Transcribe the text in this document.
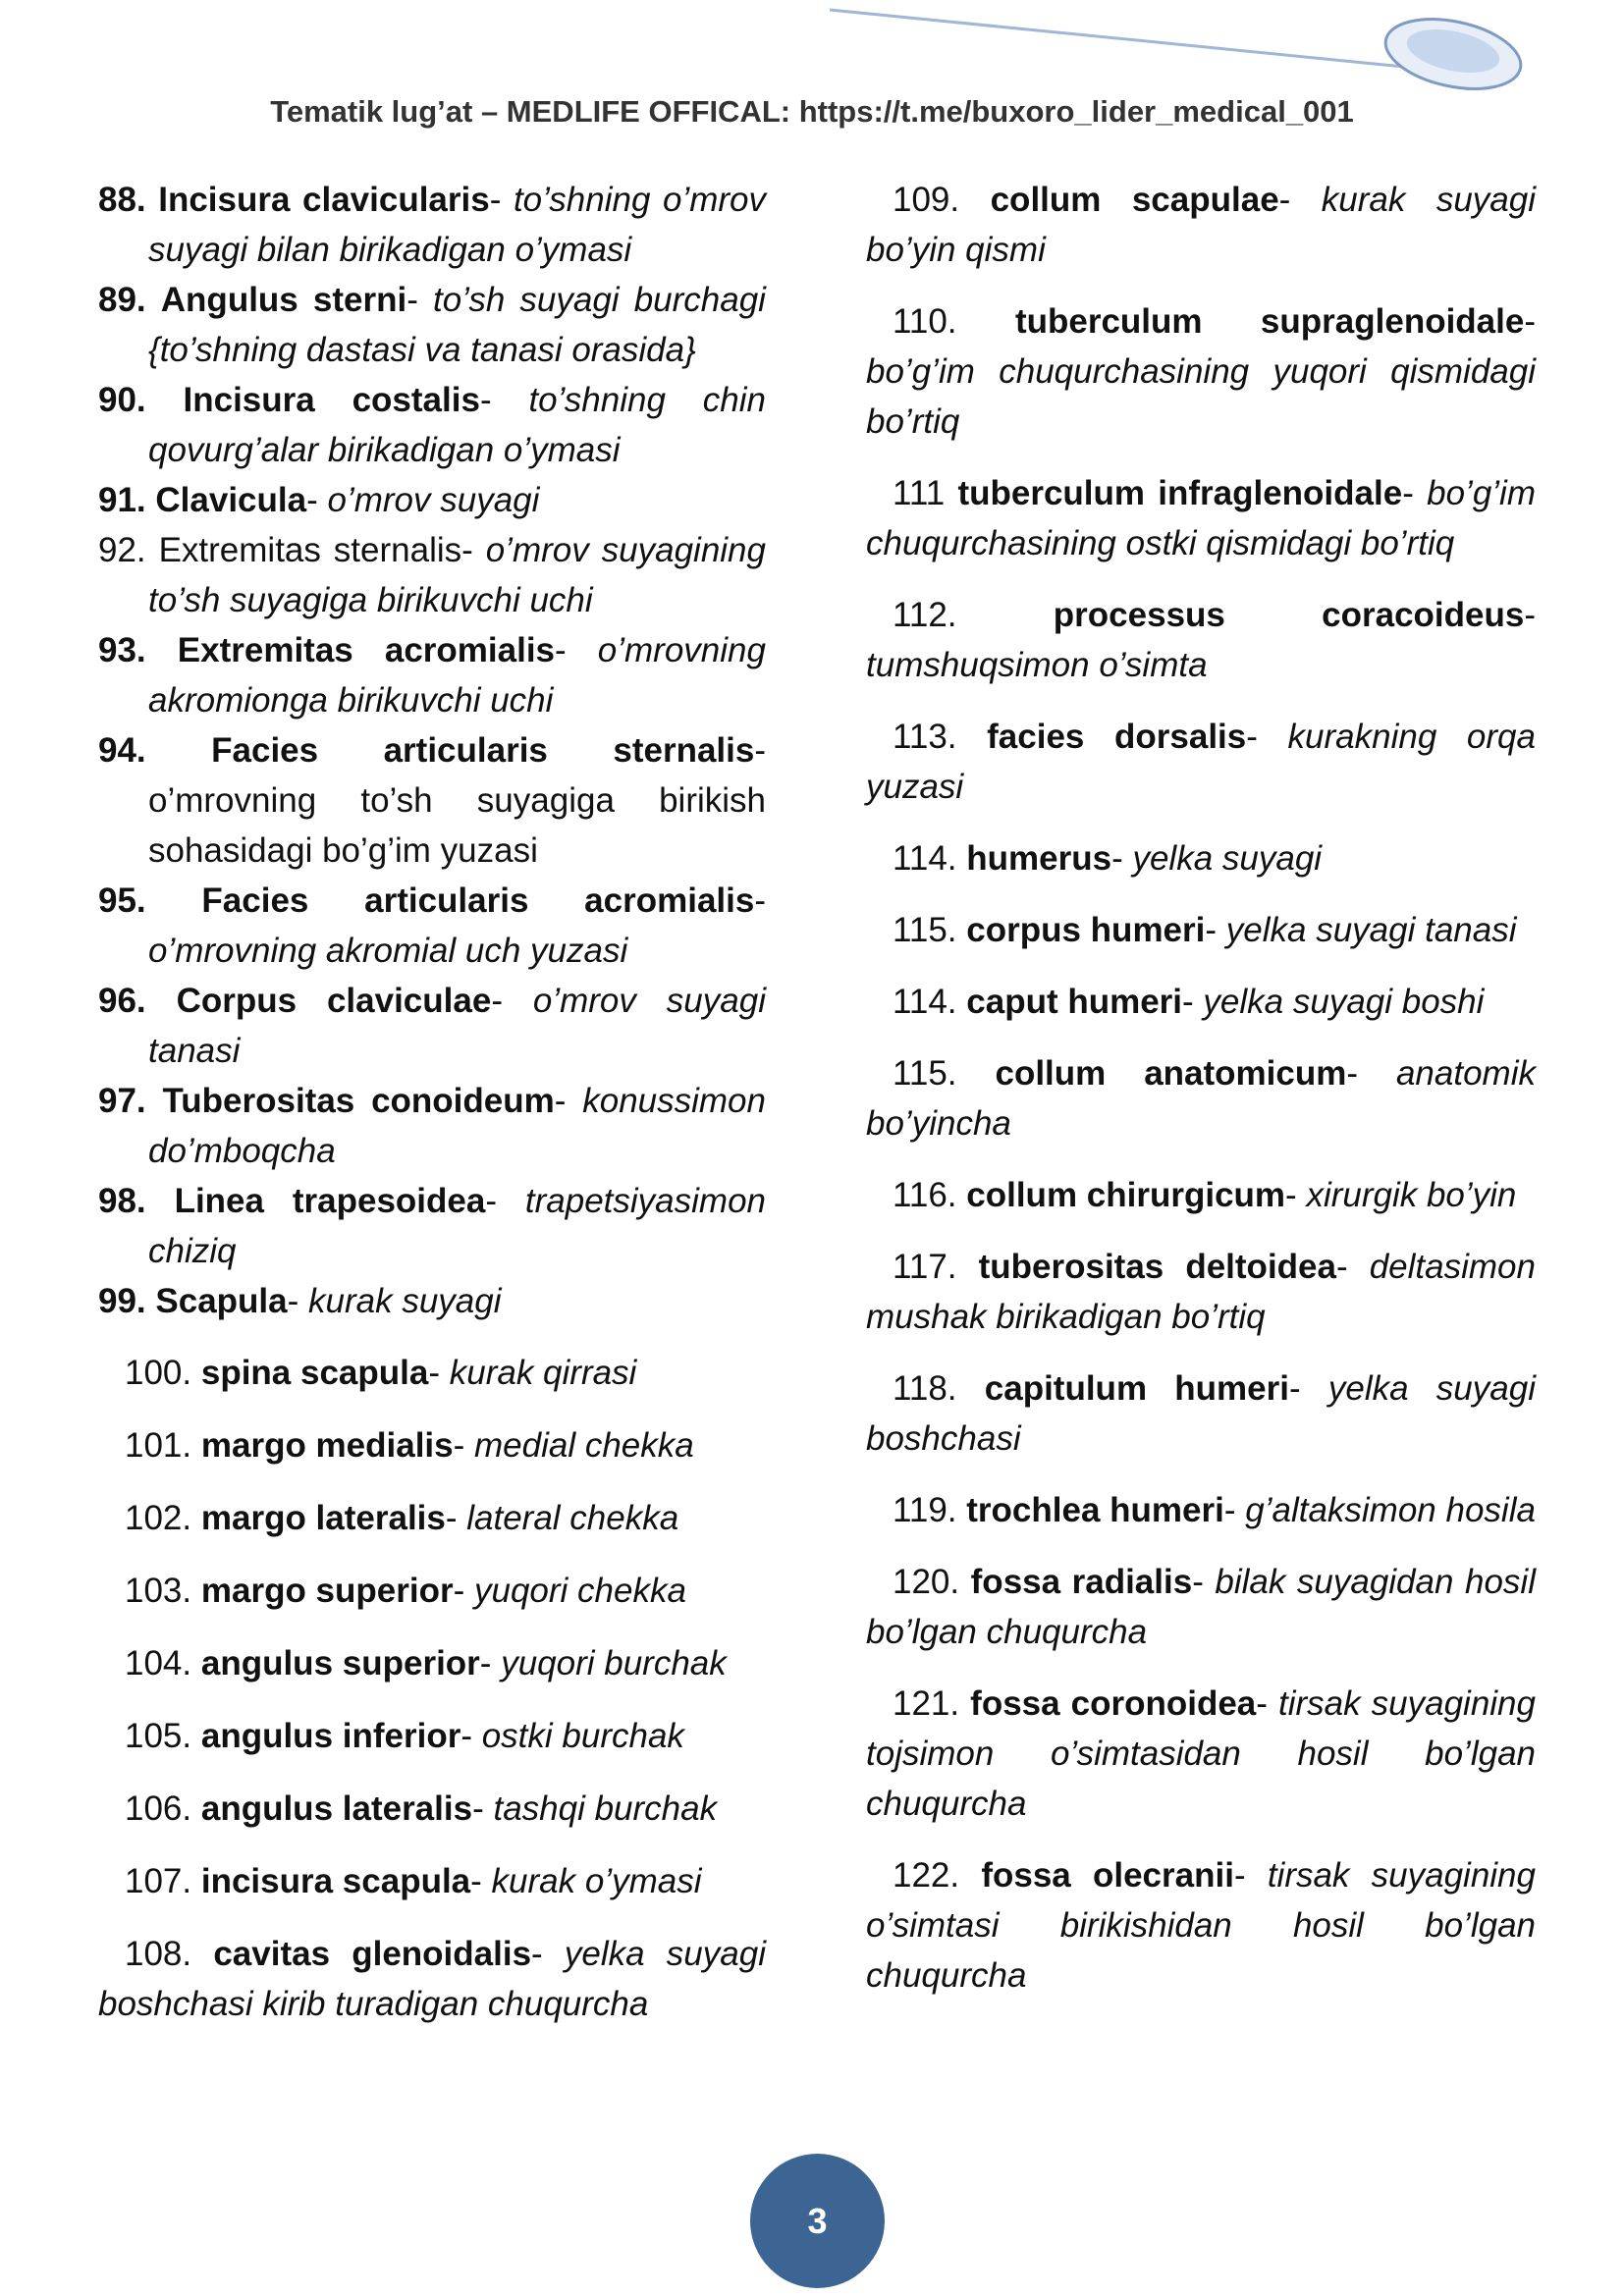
Tematik lug’at – MEDLIFE OFFICAL: https://t.me/buxoro_lider_medical_001

88. Incisura clavicularis- to’shning o’mrov suyagi bilan birikadigan o’ymasi

89. Angulus sterni- to’sh suyagi burchagi {to’shning dastasi va tanasi orasida}

90. Incisura costalis- to’shning chin qovurg’alar birikadigan o’ymasi

91. Clavicula- o’mrov suyagi

92. Extremitas sternalis- o’mrov suyagining to’sh suyagiga birikuvchi uchi

93. Extremitas acromialis- o’mrovning akromionga birikuvchi uchi

94. Facies articularis sternalis- o’mrovning to’sh suyagiga birikish sohasidagi bo’g’im yuzasi

95. Facies articularis acromialis- o’mrovning akromial uch yuzasi

96. Corpus claviculae- o’mrov suyagi tanasi

97. Tuberositas conoideum- konussimon do’mboqcha

98. Linea trapesoidea- trapetsiyasimon chiziq

99. Scapula- kurak suyagi

100. spina scapula- kurak qirrasi

101. margo medialis- medial chekka

102. margo lateralis- lateral chekka

103. margo superior- yuqori chekka

104. angulus superior- yuqori burchak

105. angulus inferior- ostki burchak

106. angulus lateralis- tashqi burchak

107. incisura scapula- kurak o’ymasi

108. cavitas glenoidalis- yelka suyagi boshchasi kirib turadigan chuqurcha

109. collum scapulae- kurak suyagi bo’yin qismi

110. tuberculum supraglenoidale- bo’g’im chuqurchasining yuqori qismidagi bo’rtiq

111 tuberculum infraglenoidale- bo’g’im chuqurchasining ostki qismidagi bo’rtiq

112.	processus coracoideus- tumshuqsimon o’simta

113. facies dorsalis- kurakning orqa yuzasi

114. humerus- yelka suyagi

115. corpus humeri- yelka suyagi tanasi

114. caput humeri- yelka suyagi boshi

115. collum anatomicum- anatomik bo’yincha

116. collum chirurgicum- xirurgik bo’yin

117. tuberositas deltoidea- deltasimon mushak birikadigan bo’rtiq

118. capitulum humeri- yelka suyagi boshchasi

119. trochlea humeri- g’altaksimon hosila

120. fossa radialis- bilak suyagidan hosil bo’lgan chuqurcha

121. fossa coronoidea- tirsak suyagining tojsimon o’simtasidan hosil bo’lgan chuqurcha

122. fossa olecranii- tirsak suyagining o’simtasi birikishidan hosil bo’lgan chuqurcha

3
